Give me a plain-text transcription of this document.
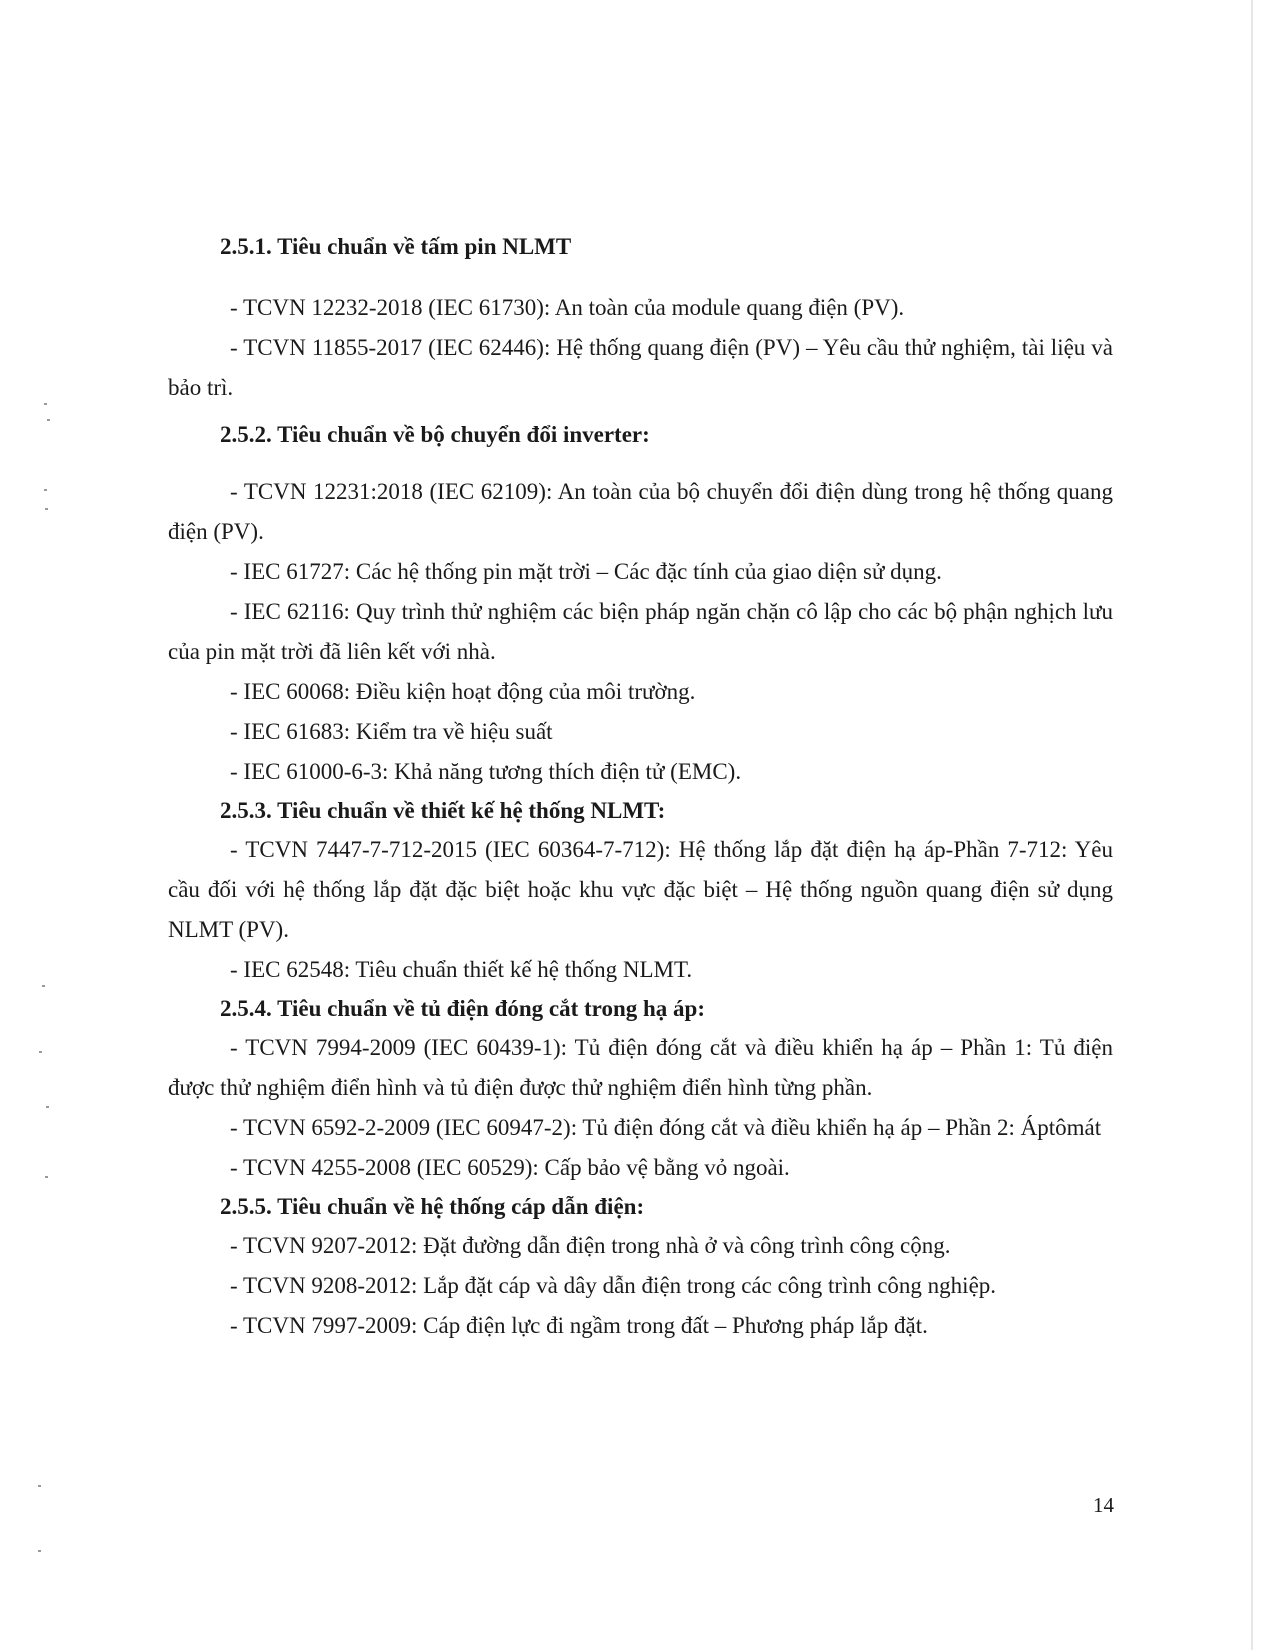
2.5.1. Tiêu chuẩn về tấm pin NLMT

- TCVN 12232-2018 (IEC 61730): An toàn của module quang điện (PV).

- TCVN 11855-2017 (IEC 62446): Hệ thống quang điện (PV) – Yêu cầu thử nghiệm, tài liệu và bảo trì.

2.5.2. Tiêu chuẩn về bộ chuyển đổi inverter:

- TCVN 12231:2018 (IEC 62109): An toàn của bộ chuyển đổi điện dùng trong hệ thống quang điện (PV).

- IEC 61727: Các hệ thống pin mặt trời – Các đặc tính của giao diện sử dụng.

- IEC 62116: Quy trình thử nghiệm các biện pháp ngăn chặn cô lập cho các bộ phận nghịch lưu của pin mặt trời đã liên kết với nhà.

- IEC 60068: Điều kiện hoạt động của môi trường.

- IEC 61683: Kiểm tra về hiệu suất

- IEC 61000-6-3: Khả năng tương thích điện tử (EMC).

2.5.3. Tiêu chuẩn về thiết kế hệ thống NLMT:

- TCVN 7447-7-712-2015 (IEC 60364-7-712): Hệ thống lắp đặt điện hạ áp-Phần 7-712: Yêu cầu đối với hệ thống lắp đặt đặc biệt hoặc khu vực đặc biệt – Hệ thống nguồn quang điện sử dụng NLMT (PV).

- IEC 62548: Tiêu chuẩn thiết kế hệ thống NLMT.

2.5.4. Tiêu chuẩn về tủ điện đóng cắt trong hạ áp:

- TCVN 7994-2009 (IEC 60439-1): Tủ điện đóng cắt và điều khiển hạ áp – Phần 1: Tủ điện được thử nghiệm điển hình và tủ điện được thử nghiệm điển hình từng phần.

- TCVN 6592-2-2009 (IEC 60947-2): Tủ điện đóng cắt và điều khiển hạ áp – Phần 2: Áptômát

- TCVN 4255-2008 (IEC 60529): Cấp bảo vệ bằng vỏ ngoài.

2.5.5. Tiêu chuẩn về hệ thống cáp dẫn điện:

- TCVN 9207-2012: Đặt đường dẫn điện trong nhà ở và công trình công cộng.

- TCVN 9208-2012: Lắp đặt cáp và dây dẫn điện trong các công trình công nghiệp.

- TCVN 7997-2009: Cáp điện lực đi ngầm trong đất – Phương pháp lắp đặt.

14
